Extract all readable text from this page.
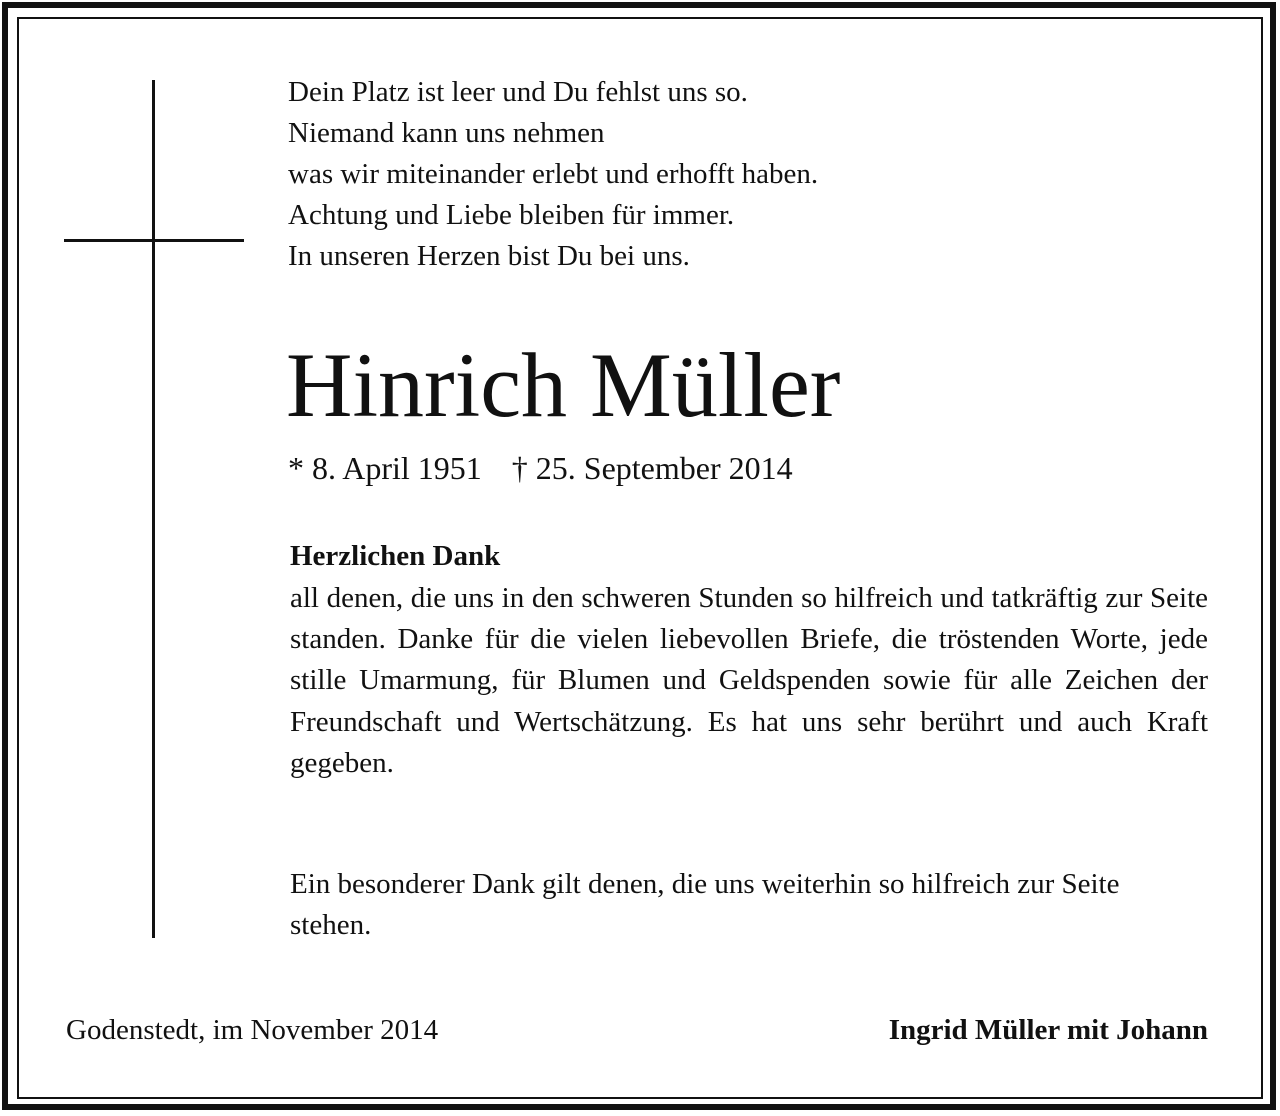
Dein Platz ist leer und Du fehlst uns so.
Niemand kann uns nehmen
was wir miteinander erlebt und erhofft haben.
Achtung und Liebe bleiben für immer.
In unseren Herzen bist Du bei uns.
Hinrich Müller
* 8. April 1951 † 25. September 2014
Herzlichen Dank
all denen, die uns in den schweren Stunden so hilfreich und tatkräftig zur Seite standen. Danke für die vielen liebevollen Briefe, die tröstenden Worte, jede stille Umarmung, für Blumen und Geldspenden sowie für alle Zeichen der Freundschaft und Wertschätzung. Es hat uns sehr berührt und auch Kraft gegeben.
Ein besonderer Dank gilt denen, die uns weiterhin so hilfreich zur Seite stehen.
Godenstedt, im November 2014	Ingrid Müller mit Johann
